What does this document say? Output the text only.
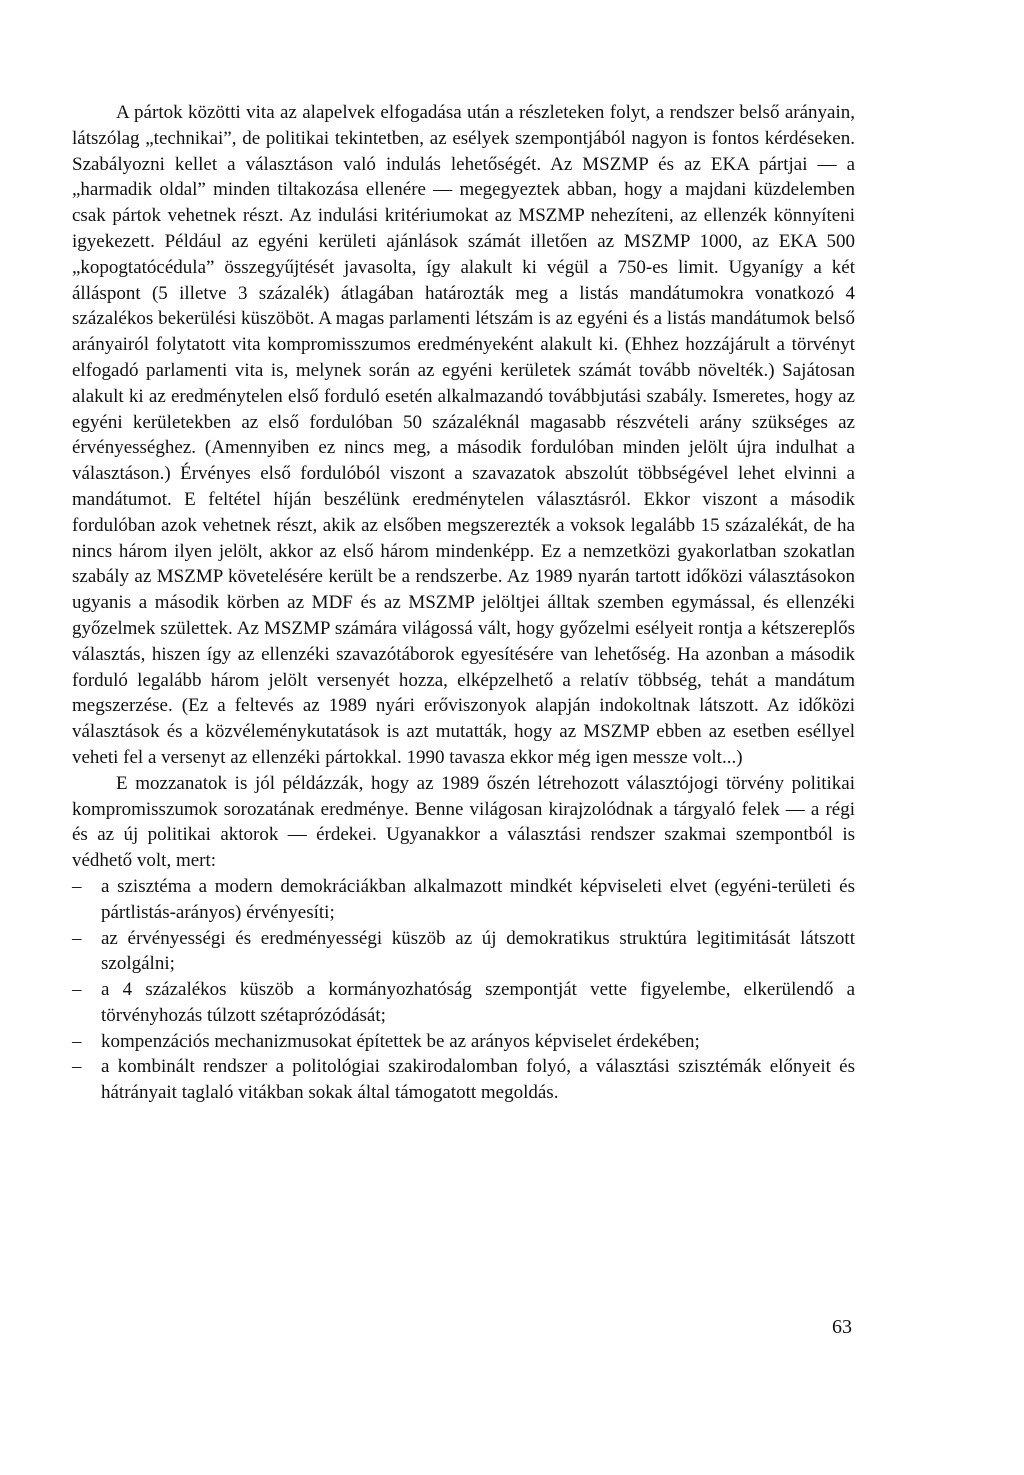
A pártok közötti vita az alapelvek elfogadása után a részleteken folyt, a rendszer belső arányain, látszólag „technikai”, de politikai tekintetben, az esélyek szempontjából nagyon is fontos kérdéseken. Szabályozni kellet a választáson való indulás lehetőségét. Az MSZMP és az EKA pártjai — a „harmadik oldal” minden tiltakozása ellenére — megegyeztek abban, hogy a majdani küzdelemben csak pártok vehetnek részt. Az indulási kritériumokat az MSZMP nehezíteni, az ellenzék könnyíteni igyekezett. Például az egyéni kerületi ajánlások számát illetően az MSZMP 1000, az EKA 500 „kopogtatócédula” összegyűjtését javasolta, így alakult ki végül a 750-es limit. Ugyanígy a két álláspont (5 illetve 3 százalék) átlagában határozták meg a listás mandátumokra vonatkozó 4 százalékos bekerülési küszöböt. A magas parlamenti létszám is az egyéni és a listás mandátumok belső arányairól folytatott vita kompromisszumos eredményeként alakult ki. (Ehhez hozzájárult a törvényt elfogadó parlamenti vita is, melynek során az egyéni kerületek számát tovább növelték.) Sajátosan alakult ki az eredménytelen első forduló esetén alkalmazandó továbbjutási szabály. Ismeretes, hogy az egyéni kerületekben az első fordulóban 50 százaléknál magasabb részvételi arány szükséges az érvényességhez. (Amennyiben ez nincs meg, a második fordulóban minden jelölt újra indulhat a választáson.) Érvényes első fordulóból viszont a szavazatok abszolút többségével lehet elvinni a mandátumot. E feltétel híján beszélünk eredménytelen választásról. Ekkor viszont a második fordulóban azok vehetnek részt, akik az elsőben megszerezték a voksok legalább 15 százalékát, de ha nincs három ilyen jelölt, akkor az első három mindenképp. Ez a nemzetközi gyakorlatban szokatlan szabály az MSZMP követelésére került be a rendszerbe. Az 1989 nyarán tartott időközi választásokon ugyanis a második körben az MDF és az MSZMP jelöltjei álltak szemben egymással, és ellenzéki győzelmek születtek. Az MSZMP számára világossá vált, hogy győzelmi esélyeit rontja a kétszereplős választás, hiszen így az ellenzéki szavazótáborok egyesítésére van lehetőség. Ha azonban a második forduló legalább három jelölt versenyét hozza, elképzelhető a relatív többség, tehát a mandátum megszerzése. (Ez a feltevés az 1989 nyári erőviszonyok alapján indokoltnak látszott. Az időközi választások és a közvéleménykutatások is azt mutatták, hogy az MSZMP ebben az esetben eséllyel veheti fel a versenyt az ellenzéki pártokkal. 1990 tavasza ekkor még igen messze volt...)

E mozzanatok is jól példázzák, hogy az 1989 őszén létrehozott választójogi törvény politikai kompromisszumok sorozatának eredménye. Benne világosan kirajzolódnak a tárgyaló felek — a régi és az új politikai aktorok — érdekei. Ugyanakkor a választási rendszer szakmai szempontból is védhető volt, mert:

– a szisztéma a modern demokráciákban alkalmazott mindkét képviseleti elvet (egyéni-területi és pártlistás-arányos) érvényesíti;
– az érvényességi és eredményességi küszöb az új demokratikus struktúra legitimitását látszott szolgálni;
– a 4 százalékos küszöb a kormányozhatóság szempontját vette figyelembe, elkerülendő a törvényhozás túlzott szétaprózódását;
– kompenzációs mechanizmusokat építettek be az arányos képviselet érdekében;
– a kombinált rendszer a politológiai szakirodalomban folyó, a választási szisztémák előnyeit és hátrányait taglaló vitákban sokak által támogatott megoldás.
63
